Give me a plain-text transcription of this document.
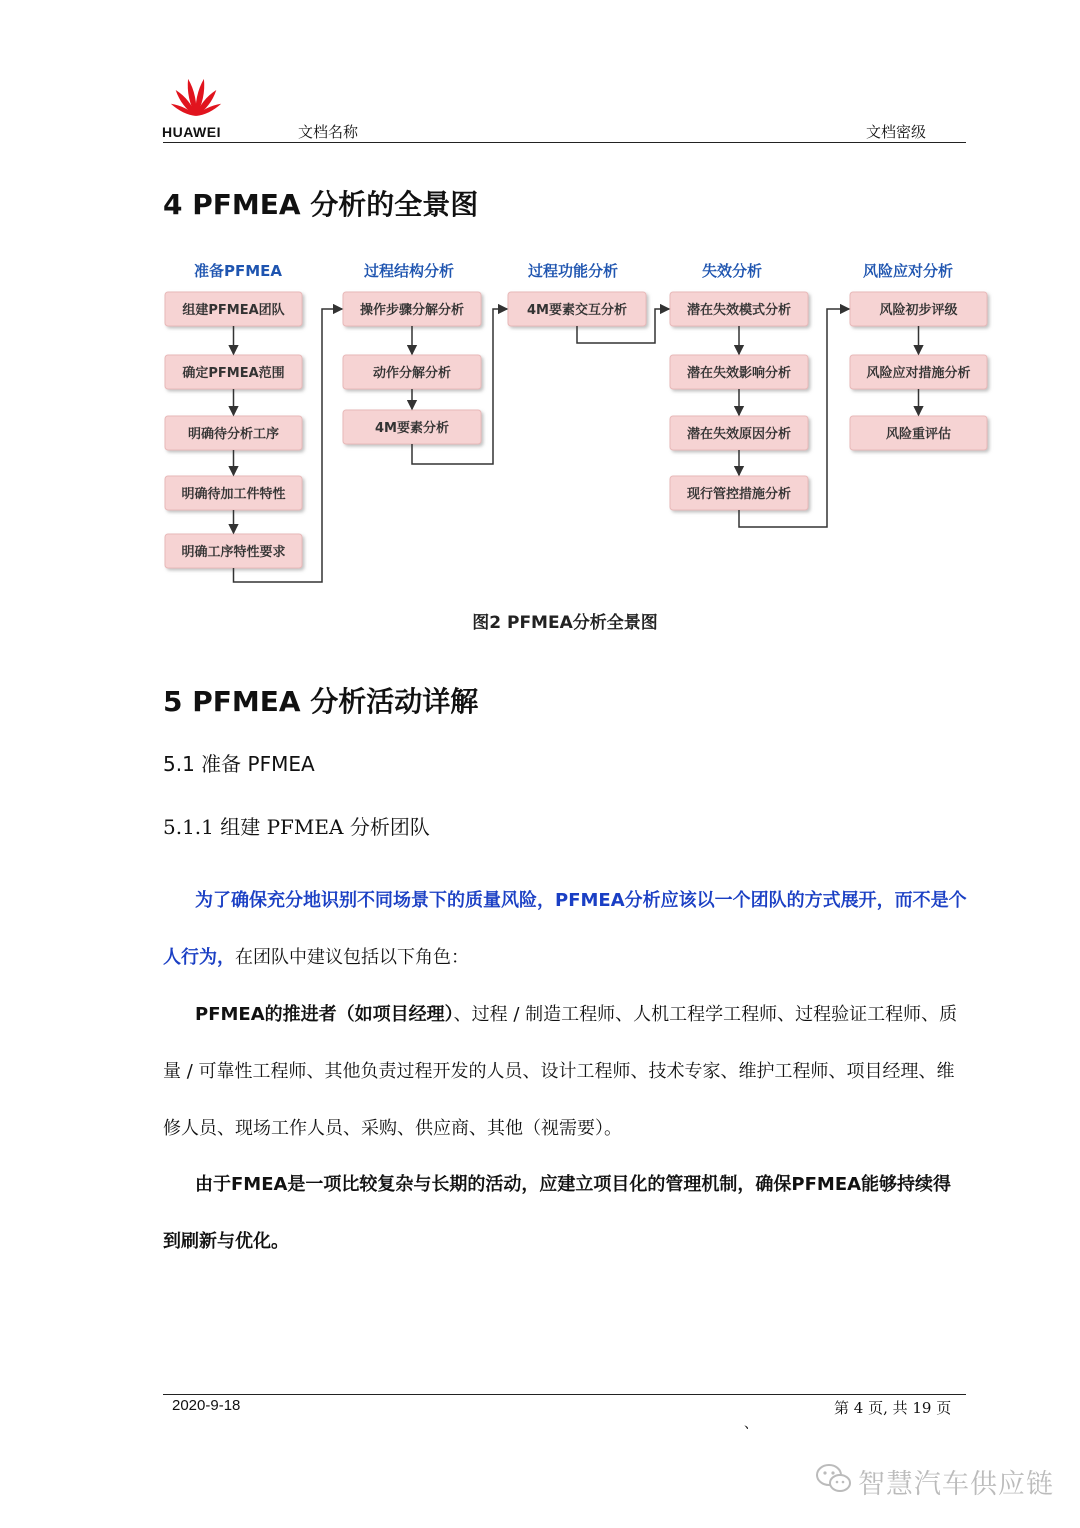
HUAWEI	文档名称	文档密级
4 PFMEA 分析的全景图
准备PFMEA
组建PFMEA团队
确定PFMEA范围
明确待分析工序
明确待加工件特性
明确工序特性要求
过程结构分析
操作步骤分解分析
动作分解分析
4M要素分析
过程功能分析
4M要素交互分析
失效分析
潜在失效模式分析
潜在失效影响分析
潜在失效原因分析
现行管控措施分析
风险应对分析
风险初步评级
风险应对措施分析
风险重评估
图2 PFMEA分析全景图
5 PFMEA 分析活动详解
5.1 准备 PFMEA
5.1.1 组建 PFMEA 分析团队
为了确保充分地识别不同场景下的质量风险，PFMEA分析应该以一个团队的方式展开，而不是个人行为，在团队中建议包括以下角色：
PFMEA的推进者（如项目经理）、过程 / 制造工程师、人机工程学工程师、过程验证工程师、质量 / 可靠性工程师、其他负责过程开发的人员、设计工程师、技术专家、维护工程师、项目经理、维修人员、现场工作人员、采购、供应商、其他（视需要）。
由于FMEA是一项比较复杂与长期的活动，应建立项目化的管理机制，确保PFMEA能够持续得到刷新与优化。
2020-9-18	第 4 页, 共 19 页
、
智慧汽车供应链
